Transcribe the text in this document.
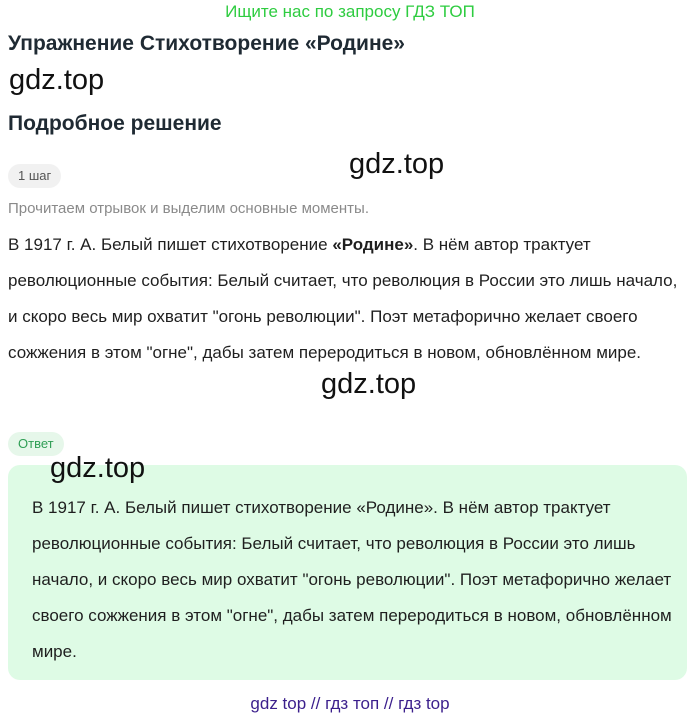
Ищите нас по запросу ГДЗ ТОП
Упражнение Стихотворение «Родине»
gdz.top
Подробное решение
1 шаг	gdz.top
Прочитаем отрывок и выделим основные моменты.
В 1917 г. А. Белый пишет стихотворение «Родине». В нём автор трактует революционные события: Белый считает, что революция в России это лишь начало, и скоро весь мир охватит "огонь революции". Поэт метафорично желает своего сожжения в этом "огне", дабы затем переродиться в новом, обновлённом мире.
gdz.top
Ответ
gdz.top
В 1917 г. А. Белый пишет стихотворение «Родине». В нём автор трактует революционные события: Белый считает, что революция в России это лишь начало, и скоро весь мир охватит "огонь революции". Поэт метафорично желает своего сожжения в этом "огне", дабы затем переродиться в новом, обновлённом мире.
gdz top // гдз топ // гдз top
